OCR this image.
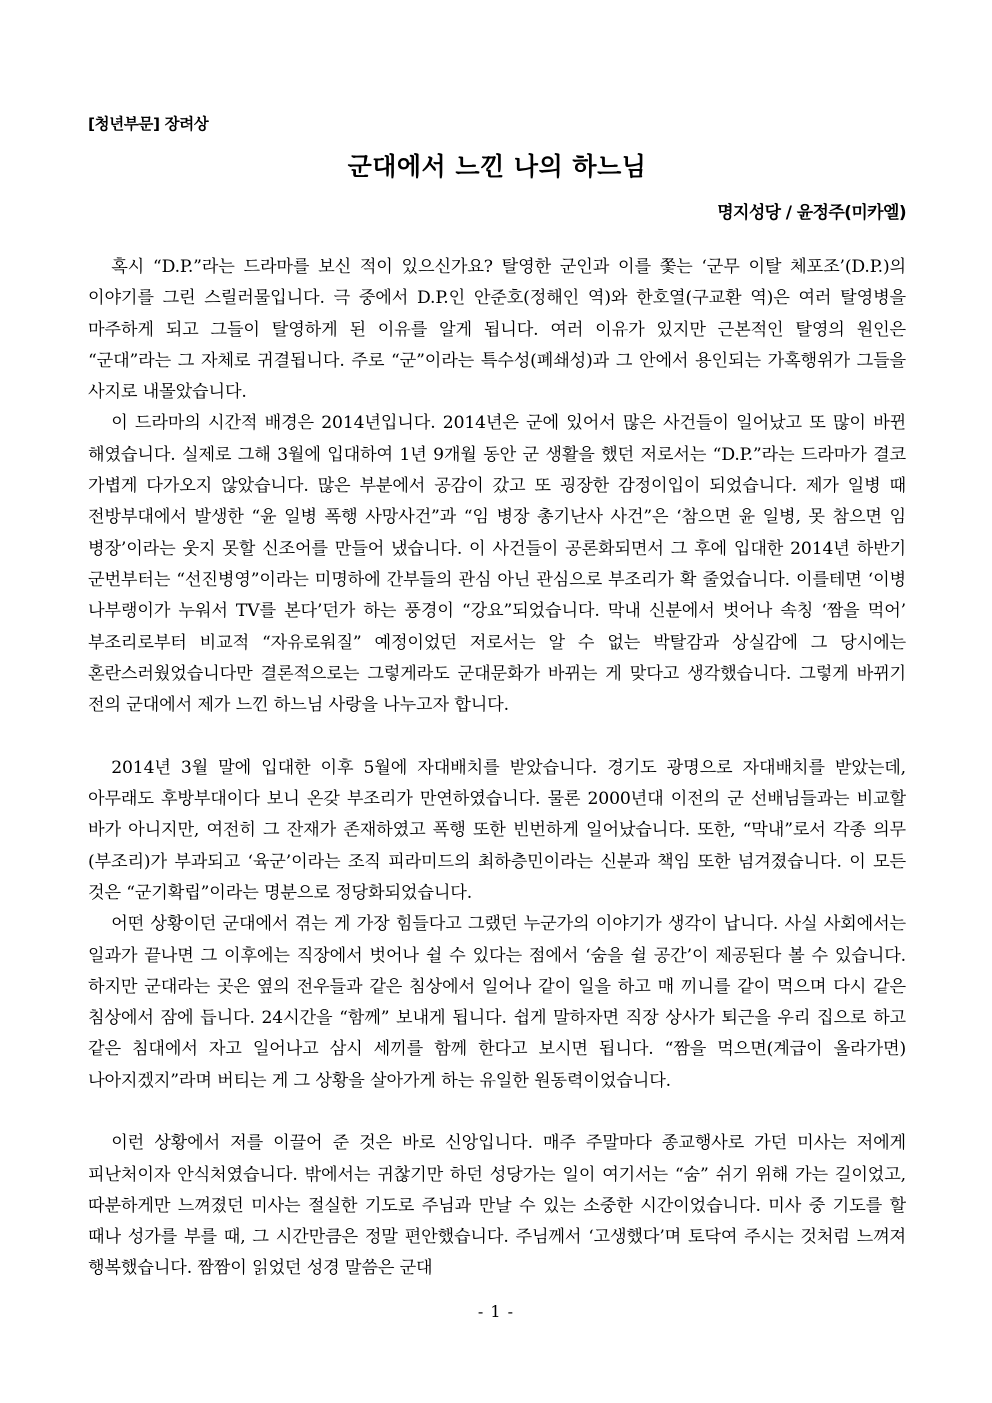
[청년부문] 장려상

군대에서 느낀 나의 하느님

명지성당 / 윤정주(미카엘)

혹시 “D.P.”라는 드라마를 보신 적이 있으신가요? 탈영한 군인과 이를 쫓는 ‘군무 이탈 체포조’(D.P.)의 이야기를 그린 스릴러물입니다. 극 중에서 D.P.인 안준호(정해인 역)와 한호열(구교환 역)은 여러 탈영병을 마주하게 되고 그들이 탈영하게 된 이유를 알게 됩니다. 여러 이유가 있지만 근본적인 탈영의 원인은 “군대”라는 그 자체로 귀결됩니다. 주로 “군”이라는 특수성(폐쇄성)과 그 안에서 용인되는 가혹행위가 그들을 사지로 내몰았습니다.

이 드라마의 시간적 배경은 2014년입니다. 2014년은 군에 있어서 많은 사건들이 일어났고 또 많이 바뀐 해였습니다. 실제로 그해 3월에 입대하여 1년 9개월 동안 군 생활을 했던 저로서는 “D.P.”라는 드라마가 결코 가볍게 다가오지 않았습니다. 많은 부분에서 공감이 갔고 또 굉장한 감정이입이 되었습니다. 제가 일병 때 전방부대에서 발생한 “윤 일병 폭행 사망사건”과 “임 병장 총기난사 사건”은 ‘참으면 윤 일병, 못 참으면 임 병장’이라는 웃지 못할 신조어를 만들어 냈습니다. 이 사건들이 공론화되면서 그 후에 입대한 2014년 하반기 군번부터는 “선진병영”이라는 미명하에 간부들의 관심 아닌 관심으로 부조리가 확 줄었습니다. 이를테면 ‘이병 나부랭이가 누워서 TV를 본다’던가 하는 풍경이 “강요”되었습니다. 막내 신분에서 벗어나 속칭 ‘짬을 먹어’ 부조리로부터 비교적 “자유로워질” 예정이었던 저로서는 알 수 없는 박탈감과 상실감에 그 당시에는 혼란스러웠었습니다만 결론적으로는 그렇게라도 군대문화가 바뀌는 게 맞다고 생각했습니다. 그렇게 바뀌기 전의 군대에서 제가 느낀 하느님 사랑을 나누고자 합니다.

2014년 3월 말에 입대한 이후 5월에 자대배치를 받았습니다. 경기도 광명으로 자대배치를 받았는데, 아무래도 후방부대이다 보니 온갖 부조리가 만연하였습니다. 물론 2000년대 이전의 군 선배님들과는 비교할 바가 아니지만, 여전히 그 잔재가 존재하였고 폭행 또한 빈번하게 일어났습니다. 또한, “막내”로서 각종 의무(부조리)가 부과되고 ‘육군’이라는 조직 피라미드의 최하층민이라는 신분과 책임 또한 넘겨졌습니다. 이 모든 것은 “군기확립”이라는 명분으로 정당화되었습니다.

어떤 상황이던 군대에서 겪는 게 가장 힘들다고 그랬던 누군가의 이야기가 생각이 납니다. 사실 사회에서는 일과가 끝나면 그 이후에는 직장에서 벗어나 쉴 수 있다는 점에서 ‘숨을 쉴 공간’이 제공된다 볼 수 있습니다. 하지만 군대라는 곳은 옆의 전우들과 같은 침상에서 일어나 같이 일을 하고 매 끼니를 같이 먹으며 다시 같은 침상에서 잠에 듭니다. 24시간을 “함께” 보내게 됩니다. 쉽게 말하자면 직장 상사가 퇴근을 우리 집으로 하고 같은 침대에서 자고 일어나고 삼시 세끼를 함께 한다고 보시면 됩니다. “짬을 먹으면(계급이 올라가면) 나아지겠지”라며 버티는 게 그 상황을 살아가게 하는 유일한 원동력이었습니다.

이런 상황에서 저를 이끌어 준 것은 바로 신앙입니다. 매주 주말마다 종교행사로 가던 미사는 저에게 피난처이자 안식처였습니다. 밖에서는 귀찮기만 하던 성당가는 일이 여기서는 “숨” 쉬기 위해 가는 길이었고, 따분하게만 느껴졌던 미사는 절실한 기도로 주님과 만날 수 있는 소중한 시간이었습니다. 미사 중 기도를 할 때나 성가를 부를 때, 그 시간만큼은 정말 편안했습니다. 주님께서 ‘고생했다’며 토닥여 주시는 것처럼 느껴져 행복했습니다. 짬짬이 읽었던 성경 말씀은 군대

- 1 -
